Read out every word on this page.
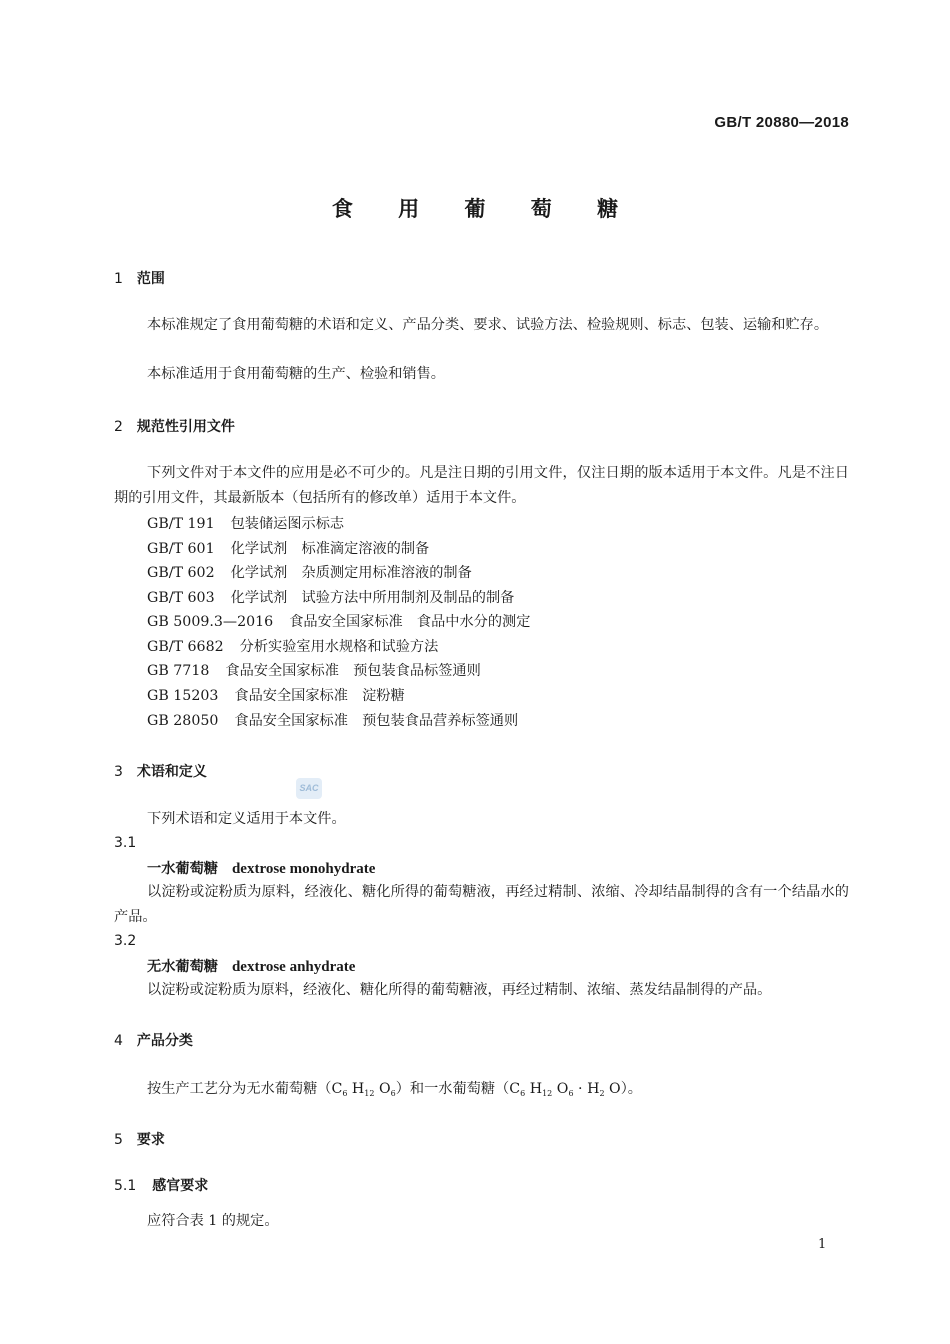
GB/T 20880—2018
食 用 葡 萄 糖
1 范围
本标准规定了食用葡萄糖的术语和定义、产品分类、要求、试验方法、检验规则、标志、包装、运输和贮存。
本标准适用于食用葡萄糖的生产、检验和销售。
2 规范性引用文件
下列文件对于本文件的应用是必不可少的。凡是注日期的引用文件，仅注日期的版本适用于本文件。凡是不注日期的引用文件，其最新版本（包括所有的修改单）适用于本文件。
GB/T 191 包装储运图示标志
GB/T 601 化学试剂　标准滴定溶液的制备
GB/T 602 化学试剂　杂质测定用标准溶液的制备
GB/T 603 化学试剂　试验方法中所用制剂及制品的制备
GB 5009.3—2016 食品安全国家标准　食品中水分的测定
GB/T 6682 分析实验室用水规格和试验方法
GB 7718 食品安全国家标准　预包装食品标签通则
GB 15203 食品安全国家标准　淀粉糖
GB 28050 食品安全国家标准　预包装食品营养标签通则
3 术语和定义
SAC
下列术语和定义适用于本文件。
3.1
一水葡萄糖 dextrose monohydrate
以淀粉或淀粉质为原料，经液化、糖化所得的葡萄糖液，再经过精制、浓缩、冷却结晶制得的含有一个结晶水的产品。
3.2
无水葡萄糖 dextrose anhydrate
以淀粉或淀粉质为原料，经液化、糖化所得的葡萄糖液，再经过精制、浓缩、蒸发结晶制得的产品。
4 产品分类
按生产工艺分为无水葡萄糖（$C_6$ $H_{12}$ $O_6$）和一水葡萄糖（$C_6$ $H_{12}$ $O_6 \cdot H_2$ O）。
5 要求
5.1 感官要求
应符合表 1 的规定。
1
